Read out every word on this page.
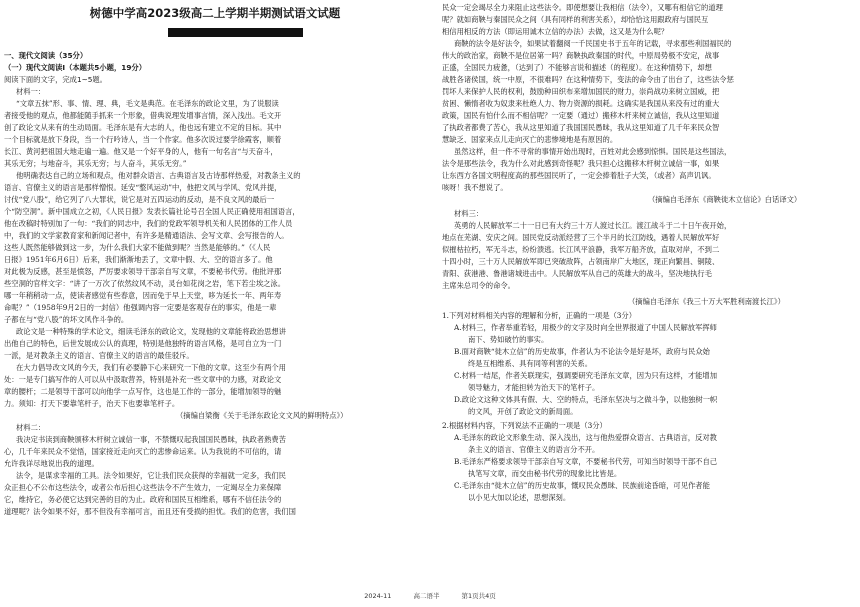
树德中学高2023级高二上学期半期测试语文试题
一、现代文阅读（35分）
（一）现代文阅读Ⅰ（本题共5小题，19分）
阅读下面的文字，完成1~5题。
材料一：
“文章五抹”形、事、情、理、典，毛文是典范。在毛泽东的政论文里，为了说服读
者接受他的观点，他都能随手抓来一个形象，借典说理发增事言情，深入浅出。毛文开
创了政论文从来有的生动局面。毛泽东是有大志的人，他也远有建立不定的目标。其中
一个目标就是放下身段，当一个行吟诗人，当一个作家。他多次说过要学徐霞客，顺着
长江、黄河把祖国大地走遍一遍。他又是一个好平身的人，他有一句名言“与天奋斗，
其乐无穷；与地奋斗，其乐无穷；与人奋斗，其乐无穷。”
他明确表达自己的立场和观点，他对群众语言、古典语言及古诗那样热爱，对教条主义的
语言、官僚主义的语言是那样憎恨。延安“整风运动”中，他把文风与学风、党风并提，
讨伐“党八股”，给它列了八大罪状，说它是对五四运动的反动，是不良文风的最后一
个“防空洞”。新中国成立之初，《人民日报》发表长篇社论号召全国人民正确使用祖国语言，
他在改稿时特别加了一句：“我们的同志中，我们的党政军领导机关和人民团体的工作人员
中，我们的文学家教育家和新闻记者中，有许多是精通语法、会写文章、会写报告的人。
这些人既然能够做到这一步，为什么我们大家不能做到呢？当然是能够的。”（《人民
日报》1951年6月6日）后来，我们渐渐地丢了，文章中假、大、空的语言多了。他
对此极为反感，甚至是愤怒，严厉要求领导干部亲自写文章，不要秘书代劳。他批评那
些空洞的官样文字：“讲了一万次了依然纹风不动，灵台如花岗之岩，笔下若尘埃之泳。
哪一年稍稍动一点，使读者感觉有些春意，因而免于早上天堂，哆为延长一年、两年寿
命呢？”（1958年9月2日的一封信）他强调内容一定要是客观存在的事实，他是一辈
子都在与“党八股”的坏文风作斗争的。
政论文是一种特殊的学术论文，细读毛泽东的政论文，发现他的文章能将政治思想讲
出他自己的特色，后世发展成公认的真理，特别是他独特的语言风格，是可自立为一门
一派，是对教条主义的语言、官僚主义的语言的最佳驳斥。
在大力倡导改文风的今天，我们有必要静下心来研究一下他的文章。这至少有两个用
处：一是专门搞写作的人可以从中汲取营养，特别是补充一些文章中的力感，对政论文
章的腰杆；二是领导干部可以向他学一点写作，这也是工作的一部分，能增加领导的魅
力。须知：打天下要靠笔杆子，治天下也要靠笔杆子。
（摘编自梁衡《关于毛泽东政论文文风的鲜明特点》）
材料二：
我决定书读到商鞅颁移木杆树立诚信一事，不禁慨叹起我国国民愚昧，执政者熟费苦
心，几千年来民众不觉悟，国家接近走向灭亡的悲惨命运来。认为我说的不可信的，请
允许我详尽地说出我的道理。
法令，是谋求幸福的工具。法令如果好，它让我们民众获得的幸福就一定多，我们民
众正担心不公布这些法令，或者公布后担心这些法令不产生效力，一定竭尽全力来保障
它，维持它，务必使它达到完善的目的为止。政府和国民互相维系，哪有不信任法令的
道理呢？法令如果不好，那不但没有幸福可言，而且还有受损的担忧。我们的危害，我们国
民众一定会竭尽全力来阻止这些法令。即使想要让我相信（法令），又哪有相信它的道理
呢？就如商鞅与秦国民众之间（具有同样的利害关系），却恰恰这用跟政府与国民互
相信用相反的方法（即运用诚木立信的办法）去做，这又是为什么呢？
商鞅的法令是好法令，如果试着翻阅一千民国史书于五年的记载，寻求那些利国福民的
伟大的政治家，商鞅不是位居第一吗？商鞅执政秦国的时代，中原局势极不安定，战事
正盛，全国民力疲惫，（达到了）不能够言说和描述（的程度）。在这种情势下，却想
战胜各诸侯国，统一中原，不很难吗？在这种情势下，变法的命令由了出台了，这些法令惩
罚坏人来保护人民的权利，鼓励种田织布来增加国民的财力，崇尚战功来树立国威，把
贫困、懒惰者收为奴隶来杜绝人力、物力资源的损耗。这确实是我国从来没有过的重大
政策，国民有怕什么而不相信呢？一定要（通过）搬移木杆来树立诚信，我从这里知道
了执政者都费了苦心，我从这里知道了我国国民愚昧，我从这里知道了几千年来民众智
慧缺乏、国家来点儿走向灭亡的悲惨境地是有原因的。
虽然这样，但一件不寻常的事情开始出现时，百姓对此会感到惊惧。国民是这些国法，
法令是那些法令，我为什么对此感到奇怪呢？我只担心这搬移木杆树立诚信一事，如果
让东西方各国文明程度高的那些国民听了，一定会捧着肚子大笑，（或者）高声讥讽。
咳呀！我不想说了。
（摘编自毛泽东《商鞅徙木立信论》白话译文）
材料三：
英勇的人民解放军二十一日已有大约三十万人渡过长江。渡江战斗于二十日午夜开始，
地点在芜湖、安庆之间。国民党反动派经营了三个半月的长江防线，遇着人民解放军好
似摧枯拉朽，军无斗志，纷纷溃逃。长江风平浪静，我军万船齐放，直取对岸，不到二
十四小时，三十万人民解放军即已突破敌阵，占领南岸广大地区，现正向繁昌、铜陵、
青阳、荻港港、鲁港诸城进击中。人民解放军从自己的英雄大的战斗，坚决地执行毛
主席朱总司令的命令。
（摘编自毛泽东《我三十万大军胜利南渡长江》）
1.下列对材料相关内容的理解和分析，正确的一项是（3分）
A.材料三，作者举重若轻，用极少的文字及时向全世界报道了中国人民解放军挥师
南下、势如破竹的事实。
B.面对商鞅“徙木立信”的历史故事，作者认为不论法令是好是坏，政府与民众始
终是互相维系、具有同等利害的关系。
C.材料一结尾，作者关联现实，强调要研究毛泽东文章，因为只有这样，才能增加
领导魅力，才能担转为治天下的笔杆子。
D.政论文这种文体具有假、大、空的特点，毛泽东坚决与之做斗争，以他独树一帜
的文风，开创了政论文的新局面。
2.根据材料内容，下列说法不正确的一项是（3分）
A.毛泽东的政论文形象生动、深入浅出，这与他热爱群众语言、古典语言，反对教
条主义的语言、官僚主义的语言分不开。
B.毛泽东严格要求领导干部亲自写文章，不要秘书代劳，可知当时领导干部不自己
执笔写文章，而交由秘书代劳的现象比比皆是。
C.毛泽东由“徙木立信”的历史故事，慨叹民众愚昧、民族前途昏暗，可见作者能
以小见大加以论述，思想深刻。
2024-11	高二语半	第1页共4页
